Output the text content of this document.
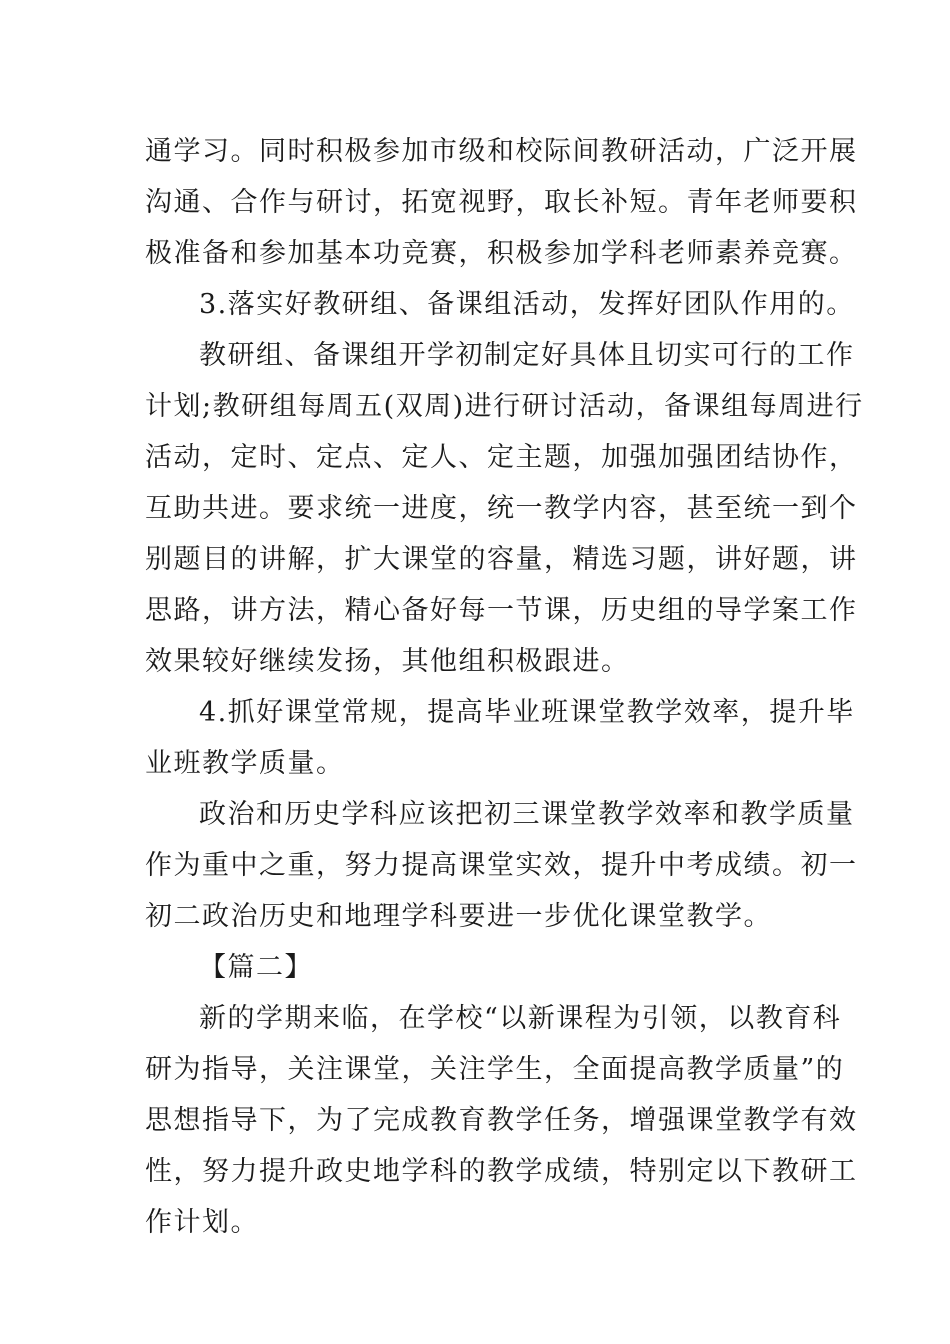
通学习。同时积极参加市级和校际间教研活动，广泛开展
沟通、合作与研讨，拓宽视野，取长补短。青年老师要积
极准备和参加基本功竞赛，积极参加学科老师素养竞赛。
3.落实好教研组、备课组活动，发挥好团队作用的。
教研组、备课组开学初制定好具体且切实可行的工作
计划;教研组每周五(双周)进行研讨活动，备课组每周进行
活动，定时、定点、定人、定主题，加强加强团结协作，
互助共进。要求统一进度，统一教学内容，甚至统一到个
别题目的讲解，扩大课堂的容量，精选习题，讲好题，讲
思路，讲方法，精心备好每一节课，历史组的导学案工作
效果较好继续发扬，其他组积极跟进。
4.抓好课堂常规，提高毕业班课堂教学效率，提升毕
业班教学质量。
政治和历史学科应该把初三课堂教学效率和教学质量
作为重中之重，努力提高课堂实效，提升中考成绩。初一
初二政治历史和地理学科要进一步优化课堂教学。
【篇二】
新的学期来临，在学校“以新课程为引领，以教育科
研为指导，关注课堂，关注学生，全面提高教学质量”的
思想指导下，为了完成教育教学任务，增强课堂教学有效
性，努力提升政史地学科的教学成绩，特别定以下教研工
作计划。
